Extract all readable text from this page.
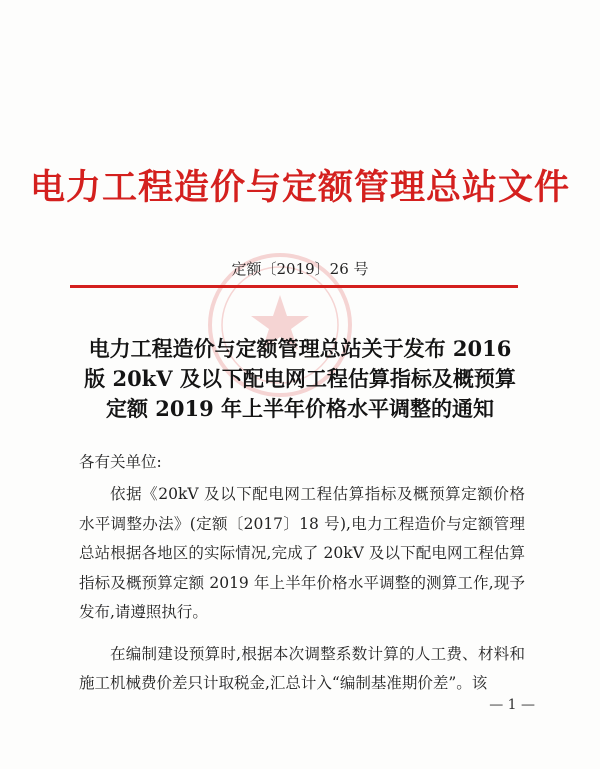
电力工程造价与定额管理总站文件
定额〔2019〕26 号
电力工程造价与定额管理总站关于发布 2016
版 20kV 及以下配电网工程估算指标及概预算
定额 2019 年上半年价格水平调整的通知
各有关单位:

依据《20kV 及以下配电网工程估算指标及概预算定额价格水平调整办法》(定额〔2017〕18 号),电力工程造价与定额管理总站根据各地区的实际情况,完成了 20kV 及以下配电网工程估算指标及概预算定额 2019 年上半年价格水平调整的测算工作,现予发布,请遵照执行。

在编制建设预算时,根据本次调整系数计算的人工费、材料和施工机械费价差只计取税金,汇总计入“编制基准期价差”。该

— 1 —
